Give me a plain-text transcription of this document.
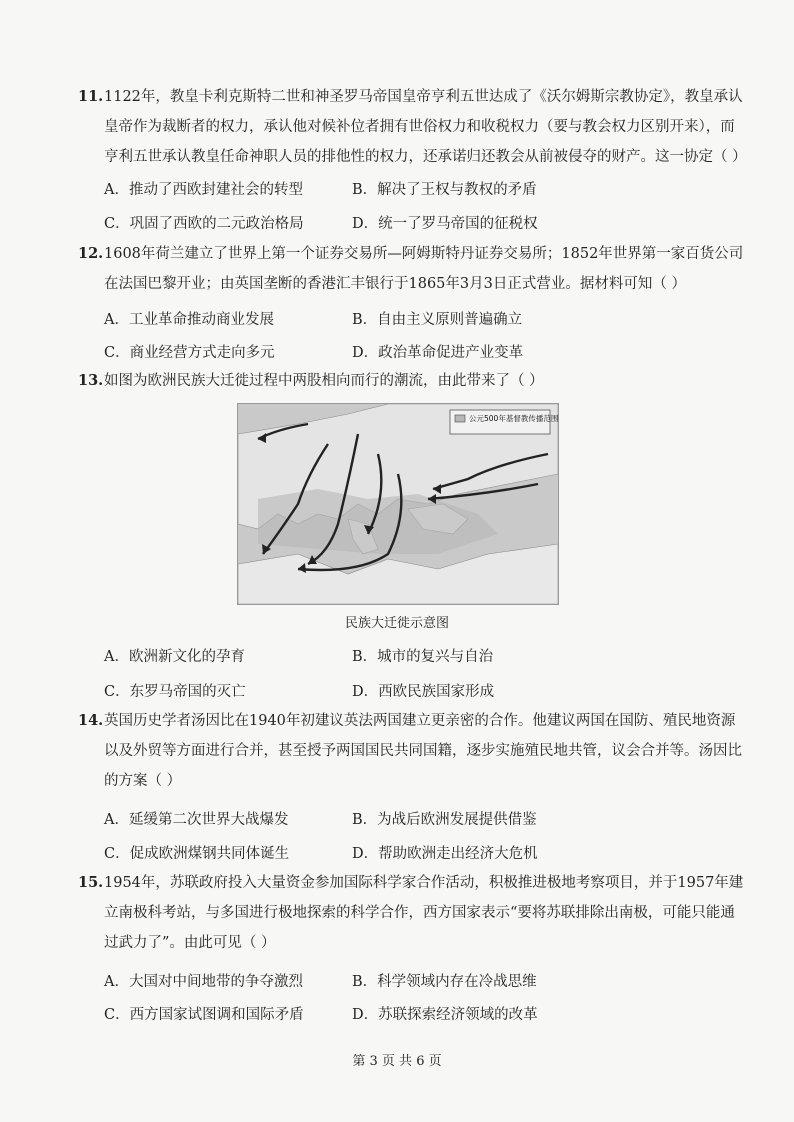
11.1122年，教皇卡利克斯特二世和神圣罗马帝国皇帝亨利五世达成了《沃尔姆斯宗教协定》，教皇承认
皇帝作为裁断者的权力，承认他对候补位者拥有世俗权力和收税权力（要与教会权力区别开来），而
亨利五世承认教皇任命神职人员的排他性的权力，还承诺归还教会从前被侵夺的财产。这一协定（ ）
A．推动了西欧封建社会的转型	B．解决了王权与教权的矛盾
C．巩固了西欧的二元政治格局	D．统一了罗马帝国的征税权
12.1608年荷兰建立了世界上第一个证券交易所—阿姆斯特丹证券交易所；1852年世界第一家百货公司
在法国巴黎开业；由英国垄断的香港汇丰银行于1865年3月3日正式营业。据材料可知（ ）
A．工业革命推动商业发展	B．自由主义原则普遍确立
C．商业经营方式走向多元	D．政治革命促进产业变革
13.如图为欧洲民族大迁徙过程中两股相向而行的潮流，由此带来了（ ）
公元500年基督教传播范围
民族大迁徙示意图
A．欧洲新文化的孕育	B．城市的复兴与自治
C．东罗马帝国的灭亡	D．西欧民族国家形成
14.英国历史学者汤因比在1940年初建议英法两国建立更亲密的合作。他建议两国在国防、殖民地资源
以及外贸等方面进行合并，甚至授予两国国民共同国籍，逐步实施殖民地共管，议会合并等。汤因比
的方案（ ）
A．延缓第二次世界大战爆发	B．为战后欧洲发展提供借鉴
C．促成欧洲煤钢共同体诞生	D．帮助欧洲走出经济大危机
15.1954年，苏联政府投入大量资金参加国际科学家合作活动，积极推进极地考察项目，并于1957年建
立南极科考站，与多国进行极地探索的科学合作，西方国家表示“要将苏联排除出南极，可能只能通
过武力了”。由此可见（ ）
A．大国对中间地带的争夺激烈	B．科学领域内存在冷战思维
C．西方国家试图调和国际矛盾	D．苏联探索经济领域的改革
第 3 页 共 6 页
